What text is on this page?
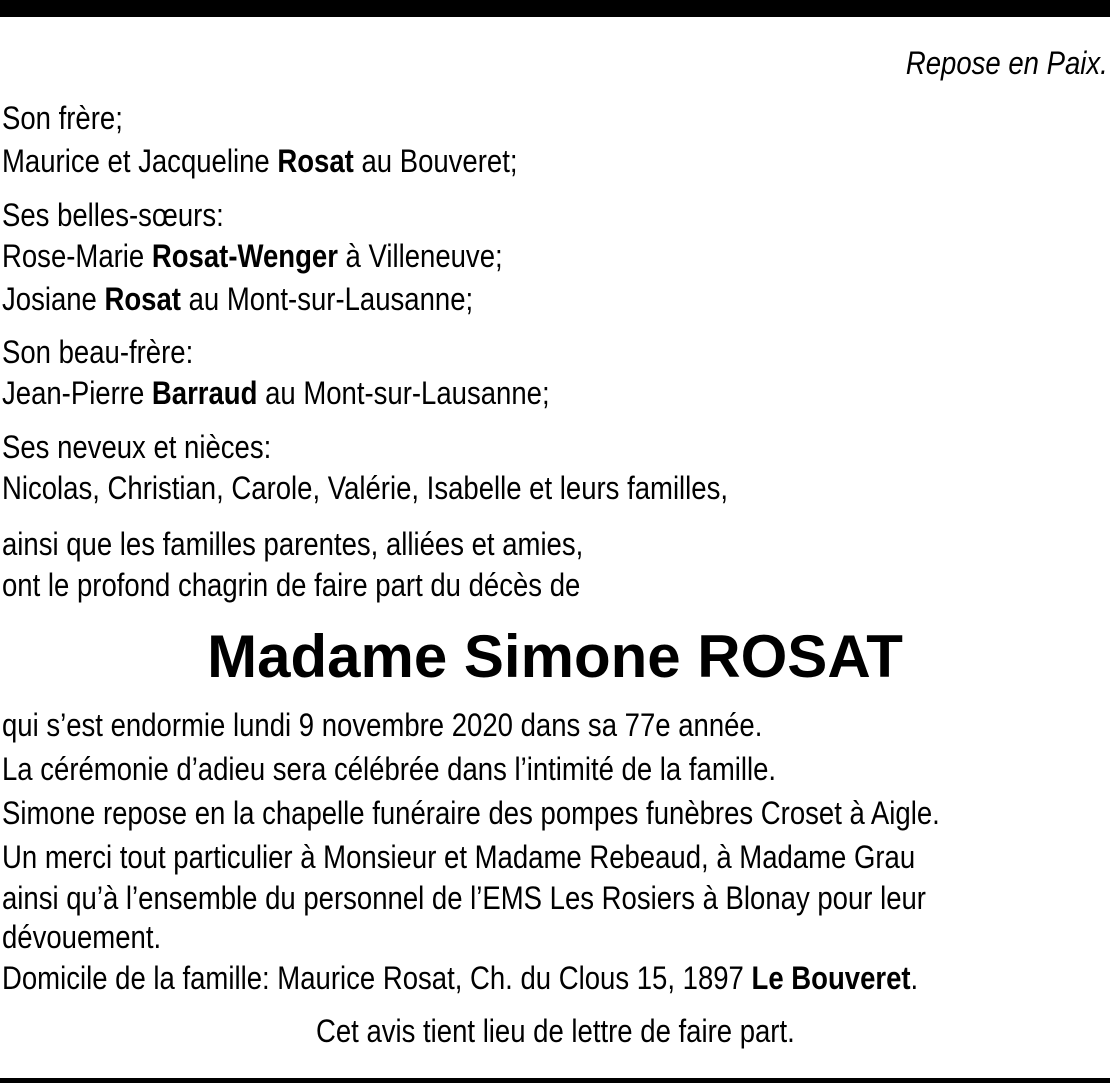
Repose en Paix.
Son frère;
Maurice et Jacqueline Rosat au Bouveret;
Ses belles-sœurs:
Rose-Marie Rosat-Wenger à Villeneuve;
Josiane Rosat au Mont-sur-Lausanne;
Son beau-frère:
Jean-Pierre Barraud au Mont-sur-Lausanne;
Ses neveux et nièces:
Nicolas, Christian, Carole, Valérie, Isabelle et leurs familles,
ainsi que les familles parentes, alliées et amies,
ont le profond chagrin de faire part du décès de
Madame Simone ROSAT
qui s’est endormie lundi 9 novembre 2020 dans sa 77e année.
La cérémonie d’adieu sera célébrée dans l’intimité de la famille.
Simone repose en la chapelle funéraire des pompes funèbres Croset à Aigle.
Un merci tout particulier à Monsieur et Madame Rebeaud, à Madame Grau
ainsi qu’à l’ensemble du personnel de l’EMS Les Rosiers à Blonay pour leur
dévouement.
Domicile de la famille: Maurice Rosat, Ch. du Clous 15, 1897 Le Bouveret.
Cet avis tient lieu de lettre de faire part.
